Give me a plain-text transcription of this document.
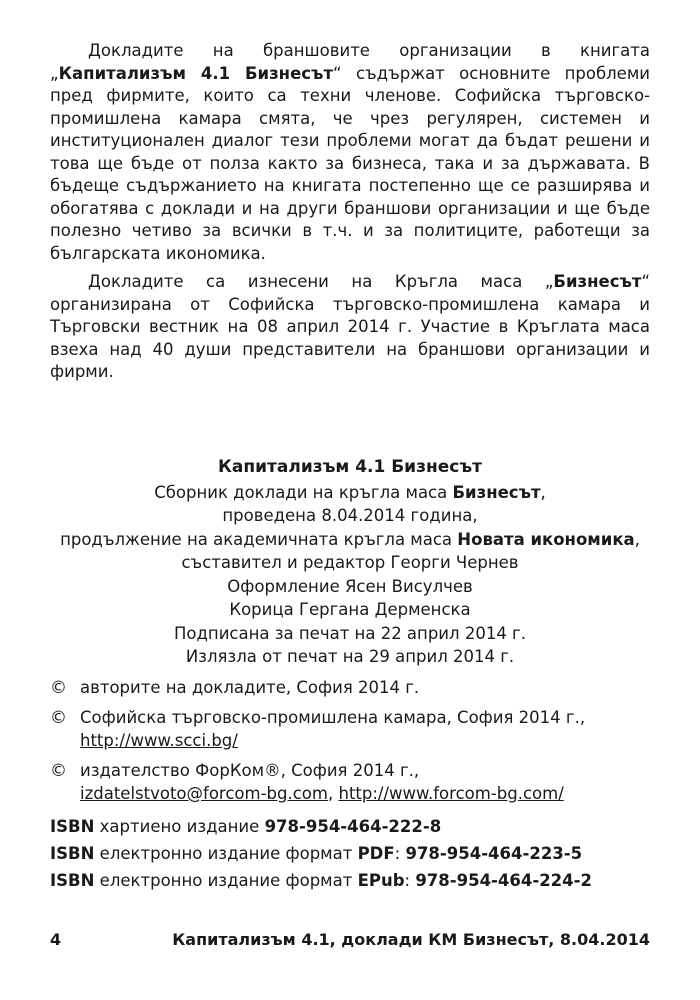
Докладите на браншовите организации в книгата „Капитализъм 4.1 Бизнесът“ съдържат основните проблеми пред фирмите, които са техни членове. Софийска търговско-промишлена камара смята, че чрез регулярен, системен и институционален диалог тези проблеми могат да бъдат решени и това ще бъде от полза както за бизнеса, така и за държавата. В бъдеще съдържанието на книгата постепенно ще се разширява и обогатява с доклади и на други браншови организации и ще бъде полезно четиво за всички в т.ч. и за политиците, работещи за българската икономика.

Докладите са изнесени на Кръгла маса „Бизнесът“ организирана от Софийска търговско-промишлена камара и Търговски вестник на 08 април 2014 г. Участие в Кръглата маса взеха над 40 души представители на браншови организации и фирми.

Капитализъм 4.1 Бизнесът
Сборник доклади на кръгла маса Бизнесът,
проведена 8.04.2014 година,
продължение на академичната кръгла маса Новата икономика,
съставител и редактор Георги Чернев
Оформление Ясен Висулчев
Корица Гергана Дерменска
Подписана за печат на 22 април 2014 г.
Излязла от печат на 29 април 2014 г.
© авторите на докладите, София 2014 г.
© Софийска търговско-промишлена камара, София 2014 г.,
http://www.scci.bg/
© издателство ФорКом®, София 2014 г.,
izdatelstvoto@forcom-bg.com, http://www.forcom-bg.com/
ISBN хартиено издание 978-954-464-222-8
ISBN електронно издание формат PDF: 978-954-464-223-5
ISBN електронно издание формат EPub: 978-954-464-224-2
4	Капитализъм 4.1, доклади КМ Бизнесът, 8.04.2014
